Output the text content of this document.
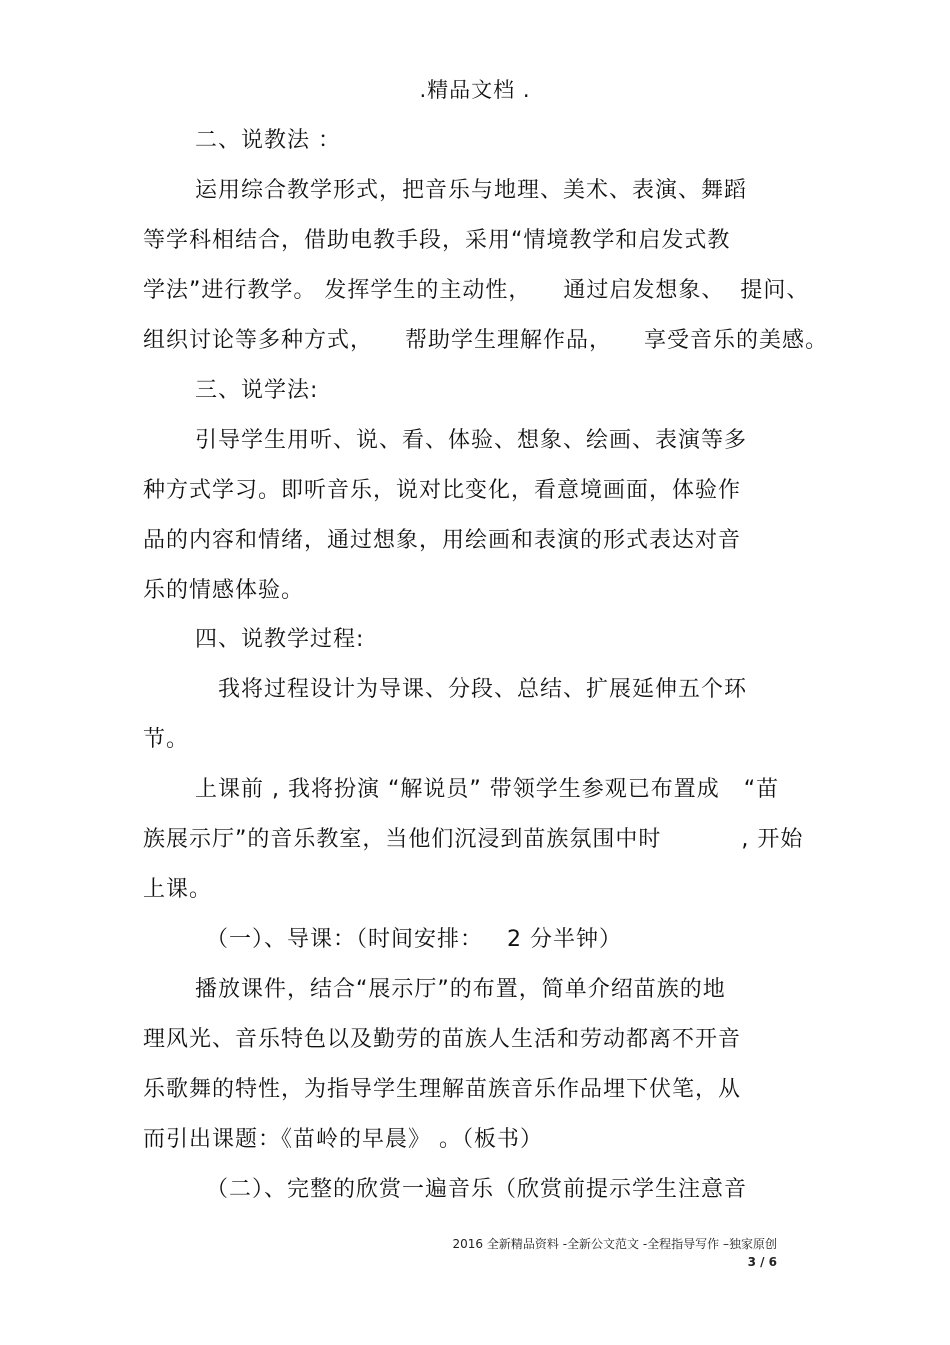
.精品文档 .
二、说教法 ：
运用综合教学形式，把音乐与地理、美术、表演、舞蹈
等学科相结合，借助电教手段，采用“情境教学和启发式教
学法”进行教学。 发挥学生的主动性，    通过启发想象、  提问、
组织讨论等多种方式，    帮助学生理解作品，    享受音乐的美感。
三、说学法:
引导学生用听、说、看、体验、想象、绘画、表演等多
种方式学习。即听音乐，说对比变化，看意境画面，体验作
品的内容和情绪，通过想象，用绘画和表演的形式表达对音
乐的情感体验。
四、说教学过程:
我将过程设计为导课、分段、总结、扩展延伸五个环
节。
上课前 , 我将扮演 “解说员” 带领学生参观已布置成   “苗
族展示厅”的音乐教室，当他们沉浸到苗族氛围中时          , 开始
上课。
（一）、导课：（时间安排：   2 分半钟）
播放课件，结合“展示厅”的布置，简单介绍苗族的地
理风光、音乐特色以及勤劳的苗族人生活和劳动都离不开音
乐歌舞的特性，为指导学生理解苗族音乐作品埋下伏笔，从
而引出课题：《苗岭的早晨》 。（板书）
（二）、完整的欣赏一遍音乐（欣赏前提示学生注意音
2016 全新精品资料 -全新公文范文 -全程指导写作 –独家原创
3 / 6
